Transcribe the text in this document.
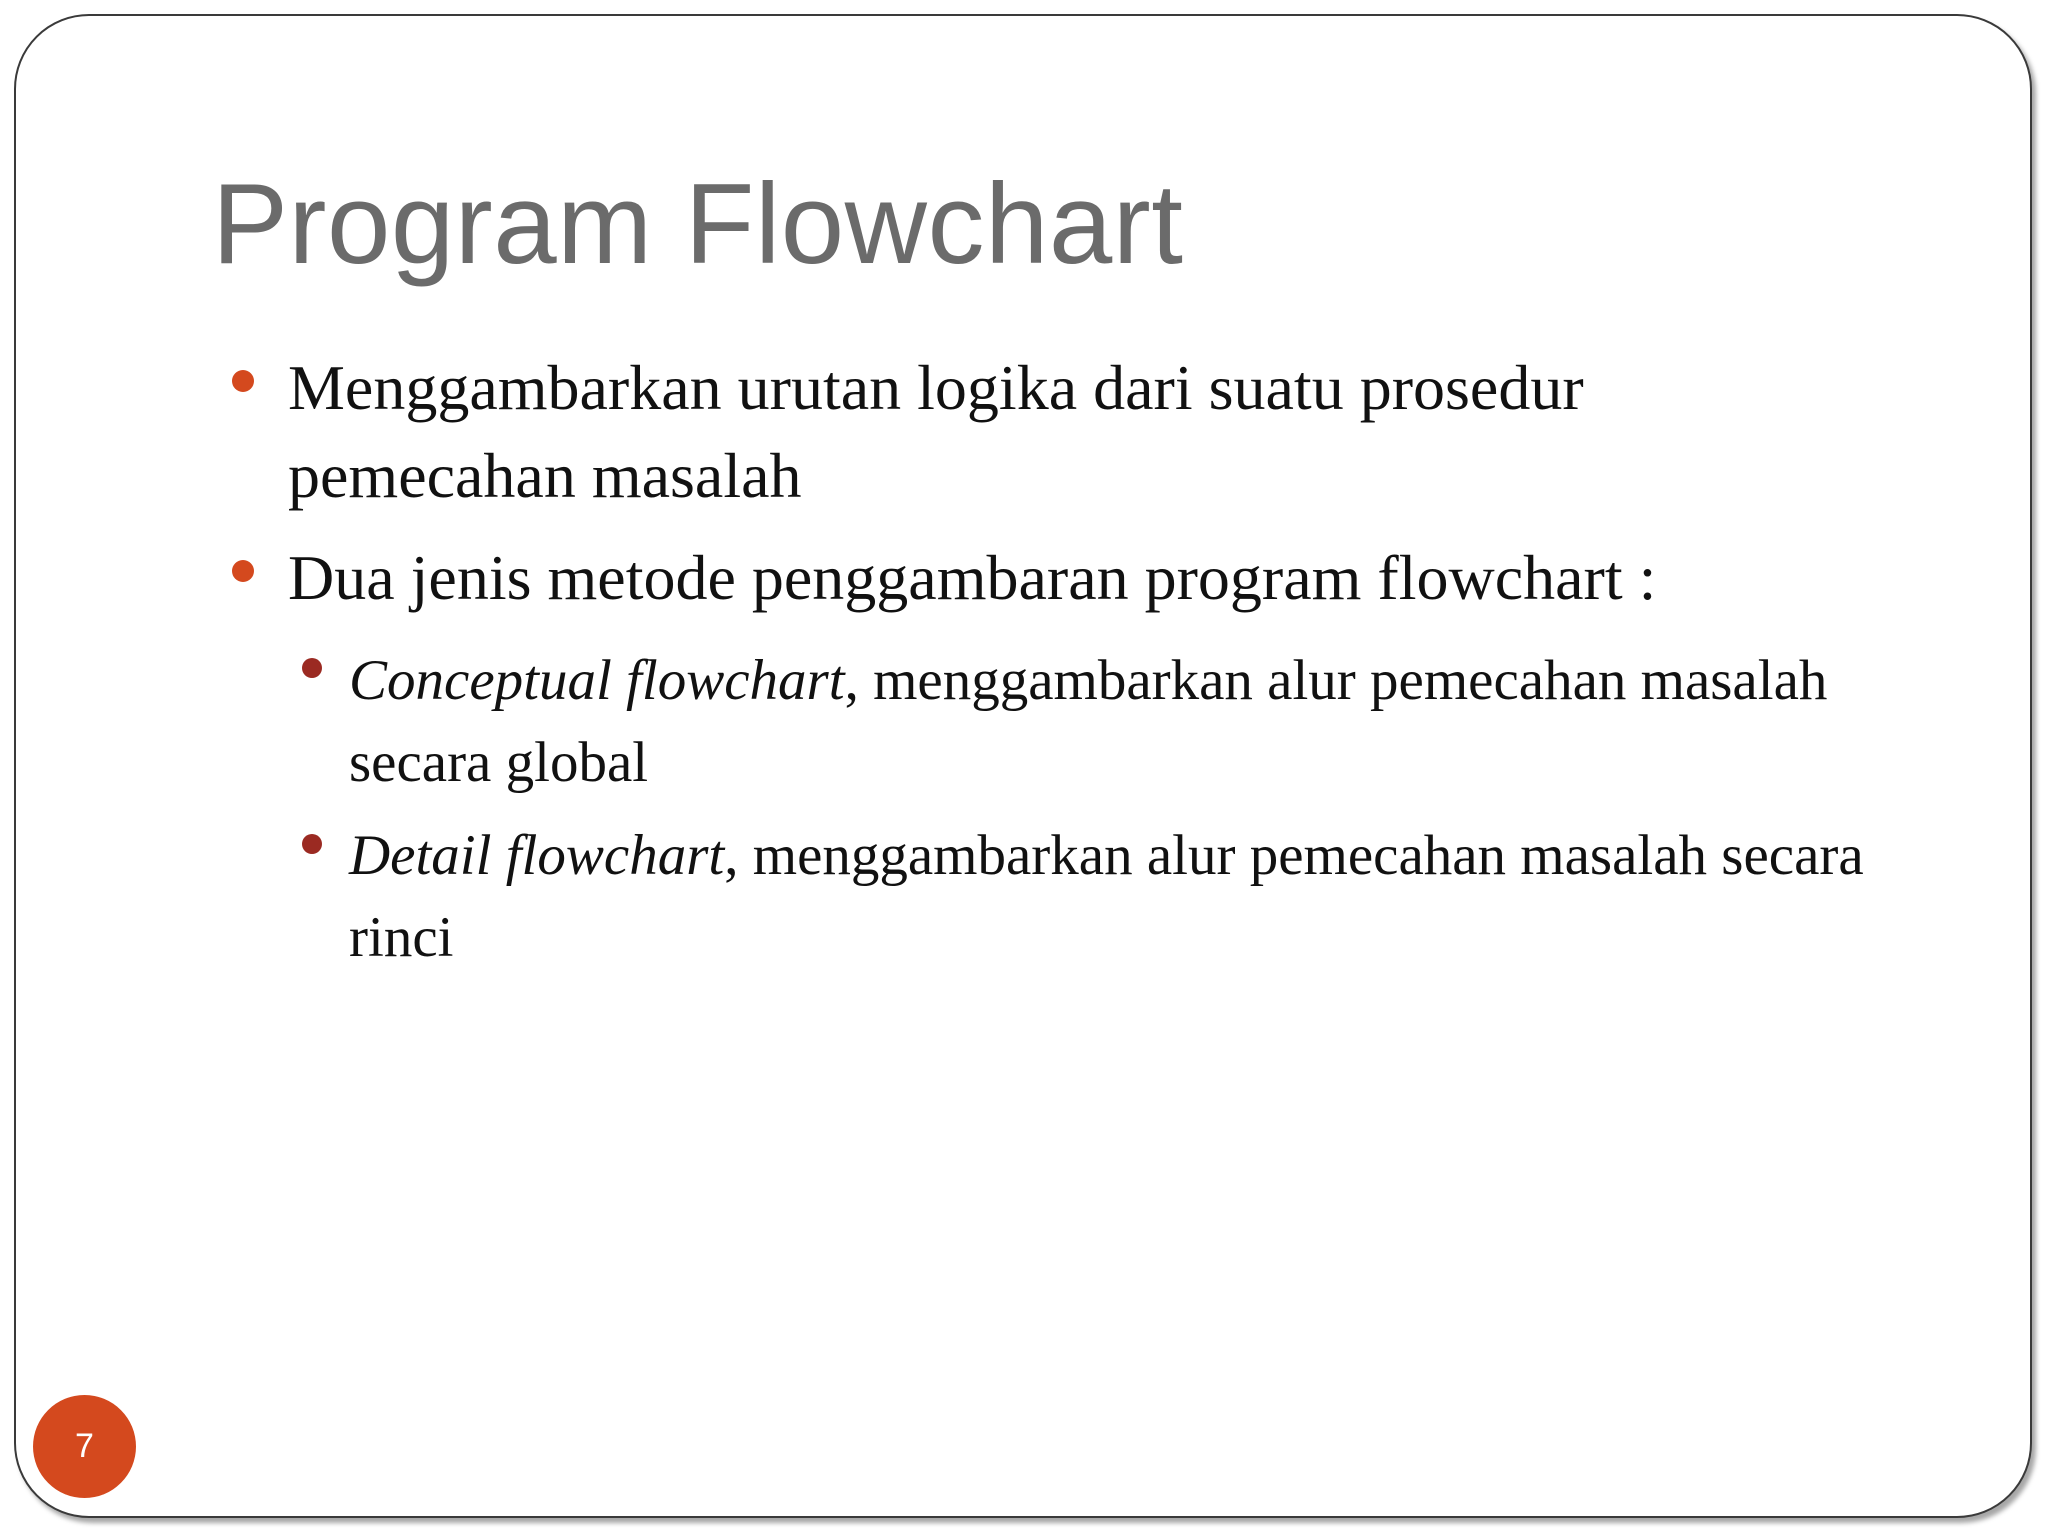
Program Flowchart
Menggambarkan urutan logika dari suatu prosedur pemecahan masalah
Dua jenis metode penggambaran program flowchart :
Conceptual flowchart, menggambarkan alur pemecahan masalah secara global
Detail flowchart, menggambarkan alur pemecahan masalah secara rinci
7
